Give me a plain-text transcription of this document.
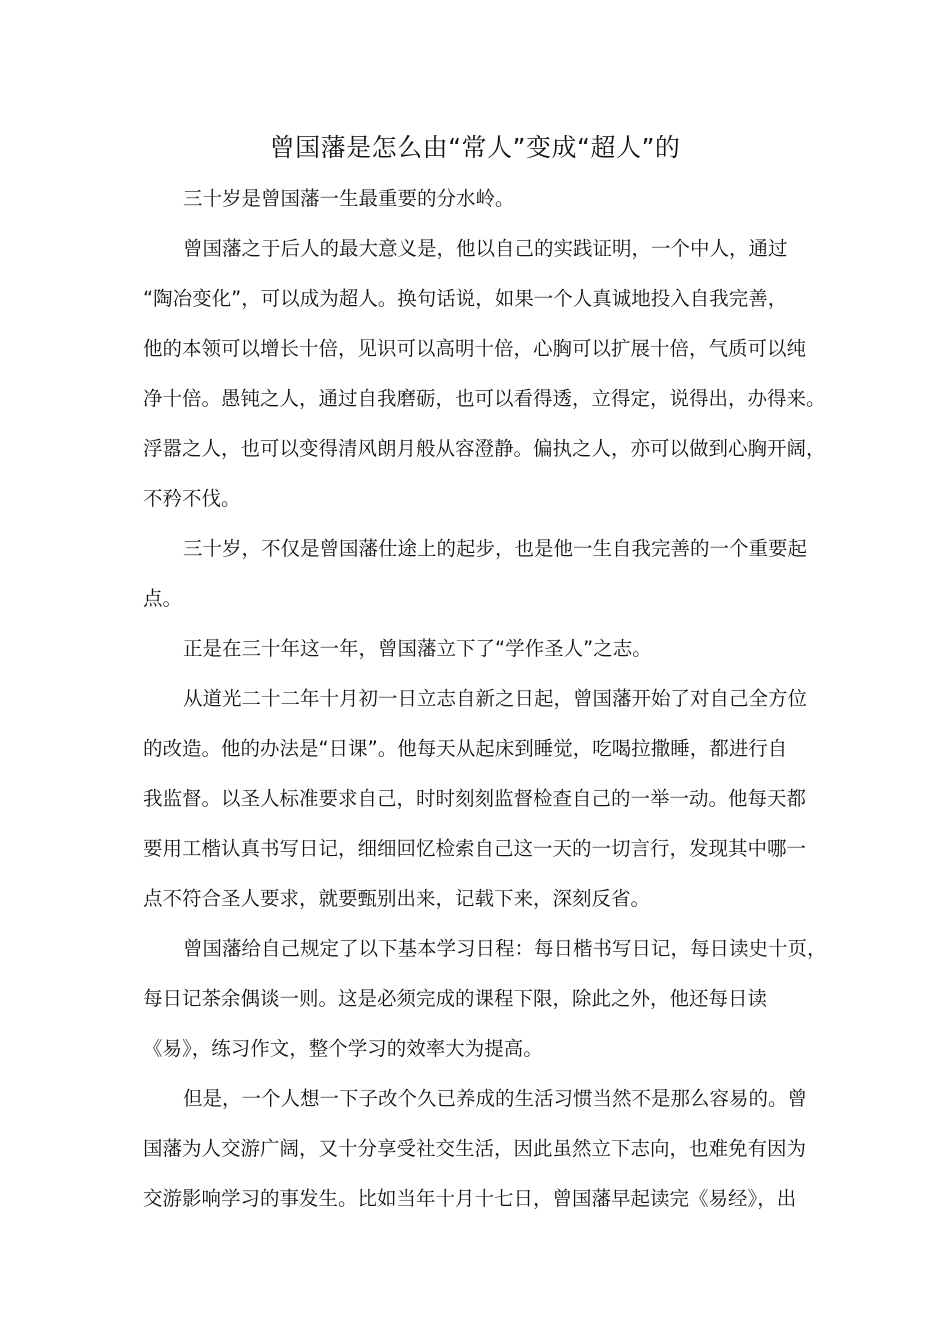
曾国藩是怎么由“常人”变成“超人”的
三十岁是曾国藩一生最重要的分水岭。
曾国藩之于后人的最大意义是，他以自己的实践证明，一个中人，通过
“陶冶变化”，可以成为超人。换句话说，如果一个人真诚地投入自我完善，
他的本领可以增长十倍，见识可以高明十倍，心胸可以扩展十倍，气质可以纯
净十倍。愚钝之人，通过自我磨砺，也可以看得透，立得定，说得出，办得来。
浮嚣之人，也可以变得清风朗月般从容澄静。偏执之人，亦可以做到心胸开阔，
不矜不伐。
三十岁，不仅是曾国藩仕途上的起步，也是他一生自我完善的一个重要起
点。
正是在三十年这一年，曾国藩立下了“学作圣人”之志。
从道光二十二年十月初一日立志自新之日起，曾国藩开始了对自己全方位
的改造。他的办法是“日课”。他每天从起床到睡觉，吃喝拉撒睡，都进行自
我监督。以圣人标准要求自己，时时刻刻监督检查自己的一举一动。他每天都
要用工楷认真书写日记，细细回忆检索自己这一天的一切言行，发现其中哪一
点不符合圣人要求，就要甄别出来，记载下来，深刻反省。
曾国藩给自己规定了以下基本学习日程：每日楷书写日记，每日读史十页，
每日记茶余偶谈一则。这是必须完成的课程下限，除此之外，他还每日读
《易》，练习作文，整个学习的效率大为提高。
但是，一个人想一下子改个久已养成的生活习惯当然不是那么容易的。曾
国藩为人交游广阔，又十分享受社交生活，因此虽然立下志向，也难免有因为
交游影响学习的事发生。比如当年十月十七日，曾国藩早起读完《易经》，出
